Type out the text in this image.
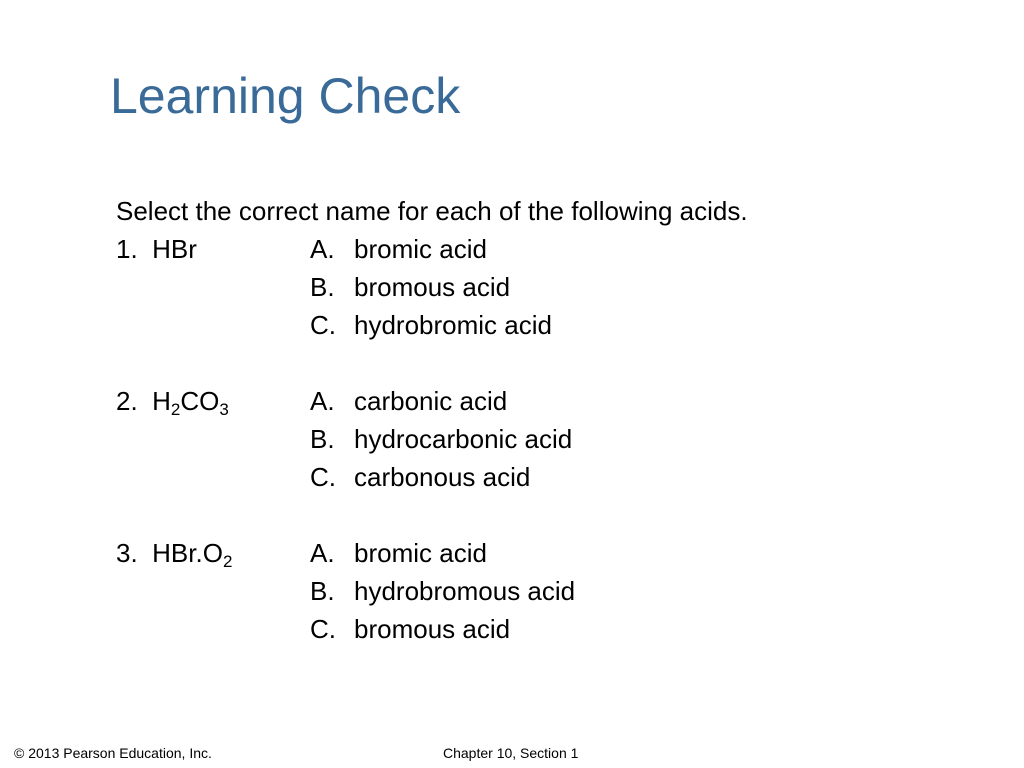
Learning Check
Select the correct name for each of the following acids.
1. HBr	A. bromic acid
B. bromous acid
C. hydrobromic acid
2. $H_2CO_3$	A. carbonic acid
B. hydrocarbonic acid
C. carbonous acid
3. $HBr.O_2$	A. bromic acid
B. hydrobromous acid
C. bromous acid
© 2013 Pearson Education, Inc.	Chapter 10, Section 1
